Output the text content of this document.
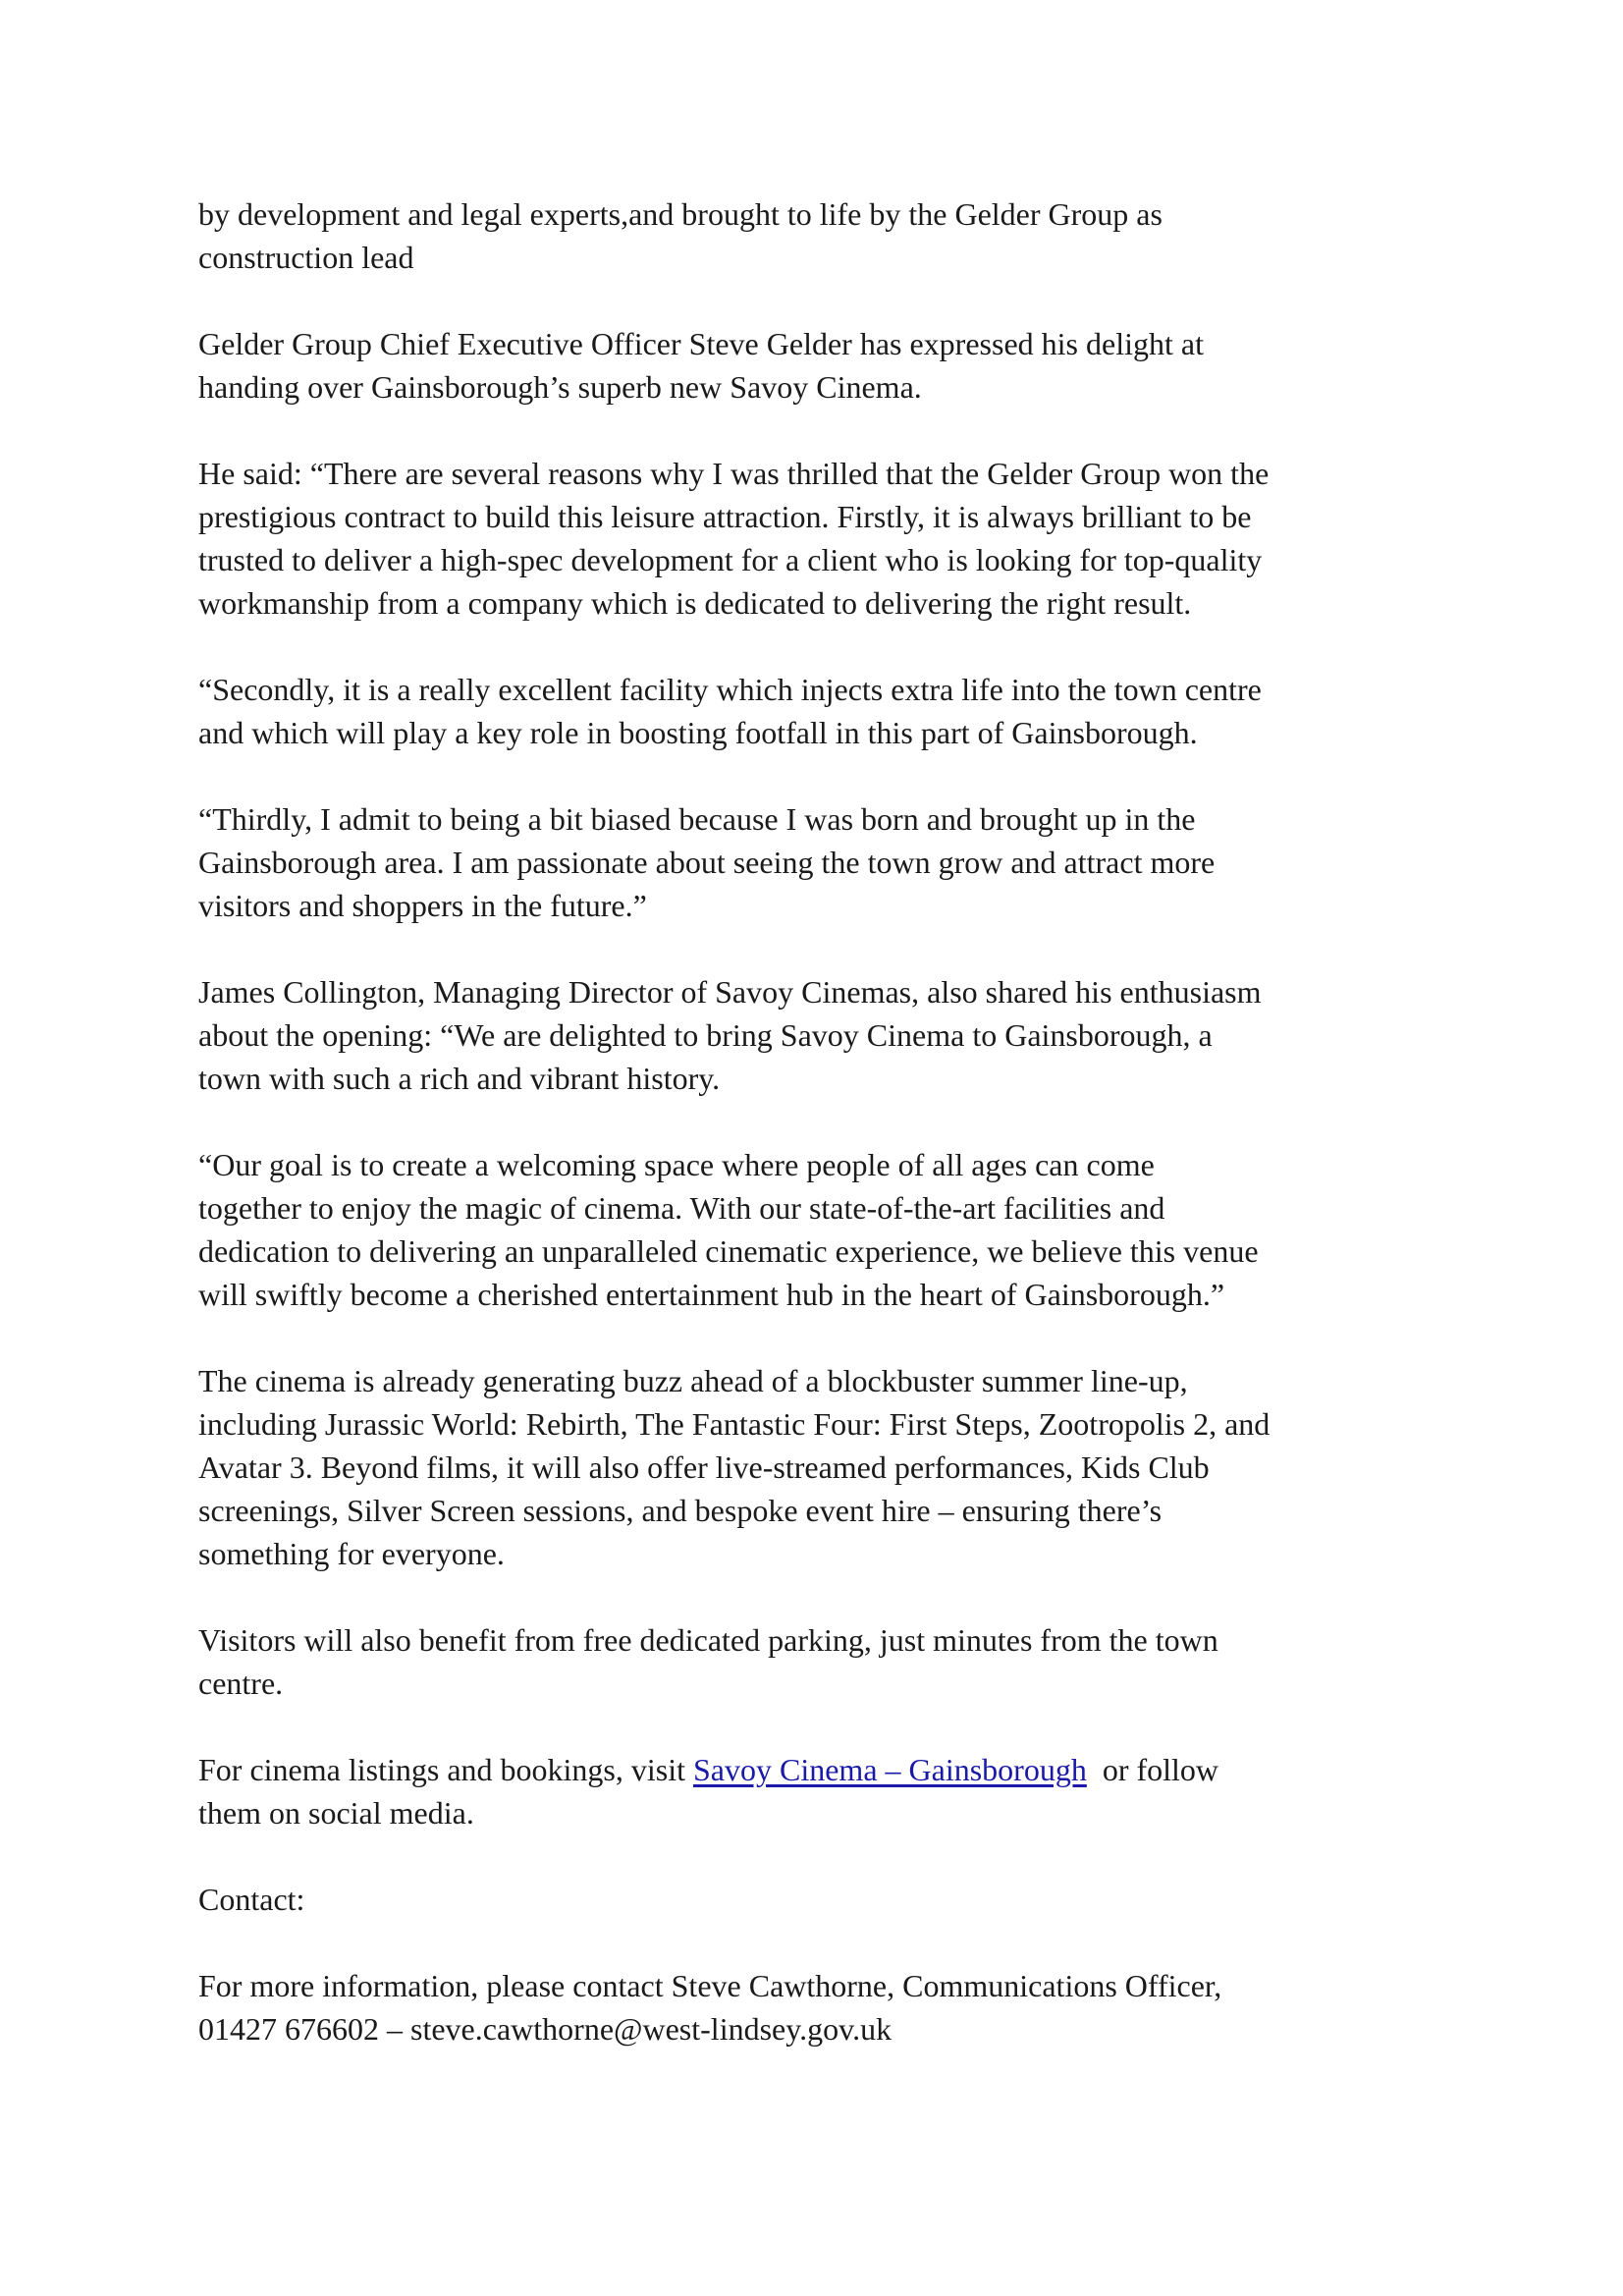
by development and legal experts,and brought to life by the Gelder Group as
construction lead

Gelder Group Chief Executive Officer Steve Gelder has expressed his delight at
handing over Gainsborough’s superb new Savoy Cinema.

He said: “There are several reasons why I was thrilled that the Gelder Group won the
prestigious contract to build this leisure attraction. Firstly, it is always brilliant to be
trusted to deliver a high-spec development for a client who is looking for top-quality
workmanship from a company which is dedicated to delivering the right result.

“Secondly, it is a really excellent facility which injects extra life into the town centre
and which will play a key role in boosting footfall in this part of Gainsborough.

“Thirdly, I admit to being a bit biased because I was born and brought up in the
Gainsborough area. I am passionate about seeing the town grow and attract more
visitors and shoppers in the future.”

James Collington, Managing Director of Savoy Cinemas, also shared his enthusiasm
about the opening: “We are delighted to bring Savoy Cinema to Gainsborough, a
town with such a rich and vibrant history.

“Our goal is to create a welcoming space where people of all ages can come
together to enjoy the magic of cinema. With our state-of-the-art facilities and
dedication to delivering an unparalleled cinematic experience, we believe this venue
will swiftly become a cherished entertainment hub in the heart of Gainsborough.”

The cinema is already generating buzz ahead of a blockbuster summer line-up,
including Jurassic World: Rebirth, The Fantastic Four: First Steps, Zootropolis 2, and
Avatar 3. Beyond films, it will also offer live-streamed performances, Kids Club
screenings, Silver Screen sessions, and bespoke event hire – ensuring there’s
something for everyone.

Visitors will also benefit from free dedicated parking, just minutes from the town
centre.

For cinema listings and bookings, visit Savoy Cinema – Gainsborough  or follow
them on social media.

Contact:

For more information, please contact Steve Cawthorne, Communications Officer,
01427 676602 – steve.cawthorne@west-lindsey.gov.uk
